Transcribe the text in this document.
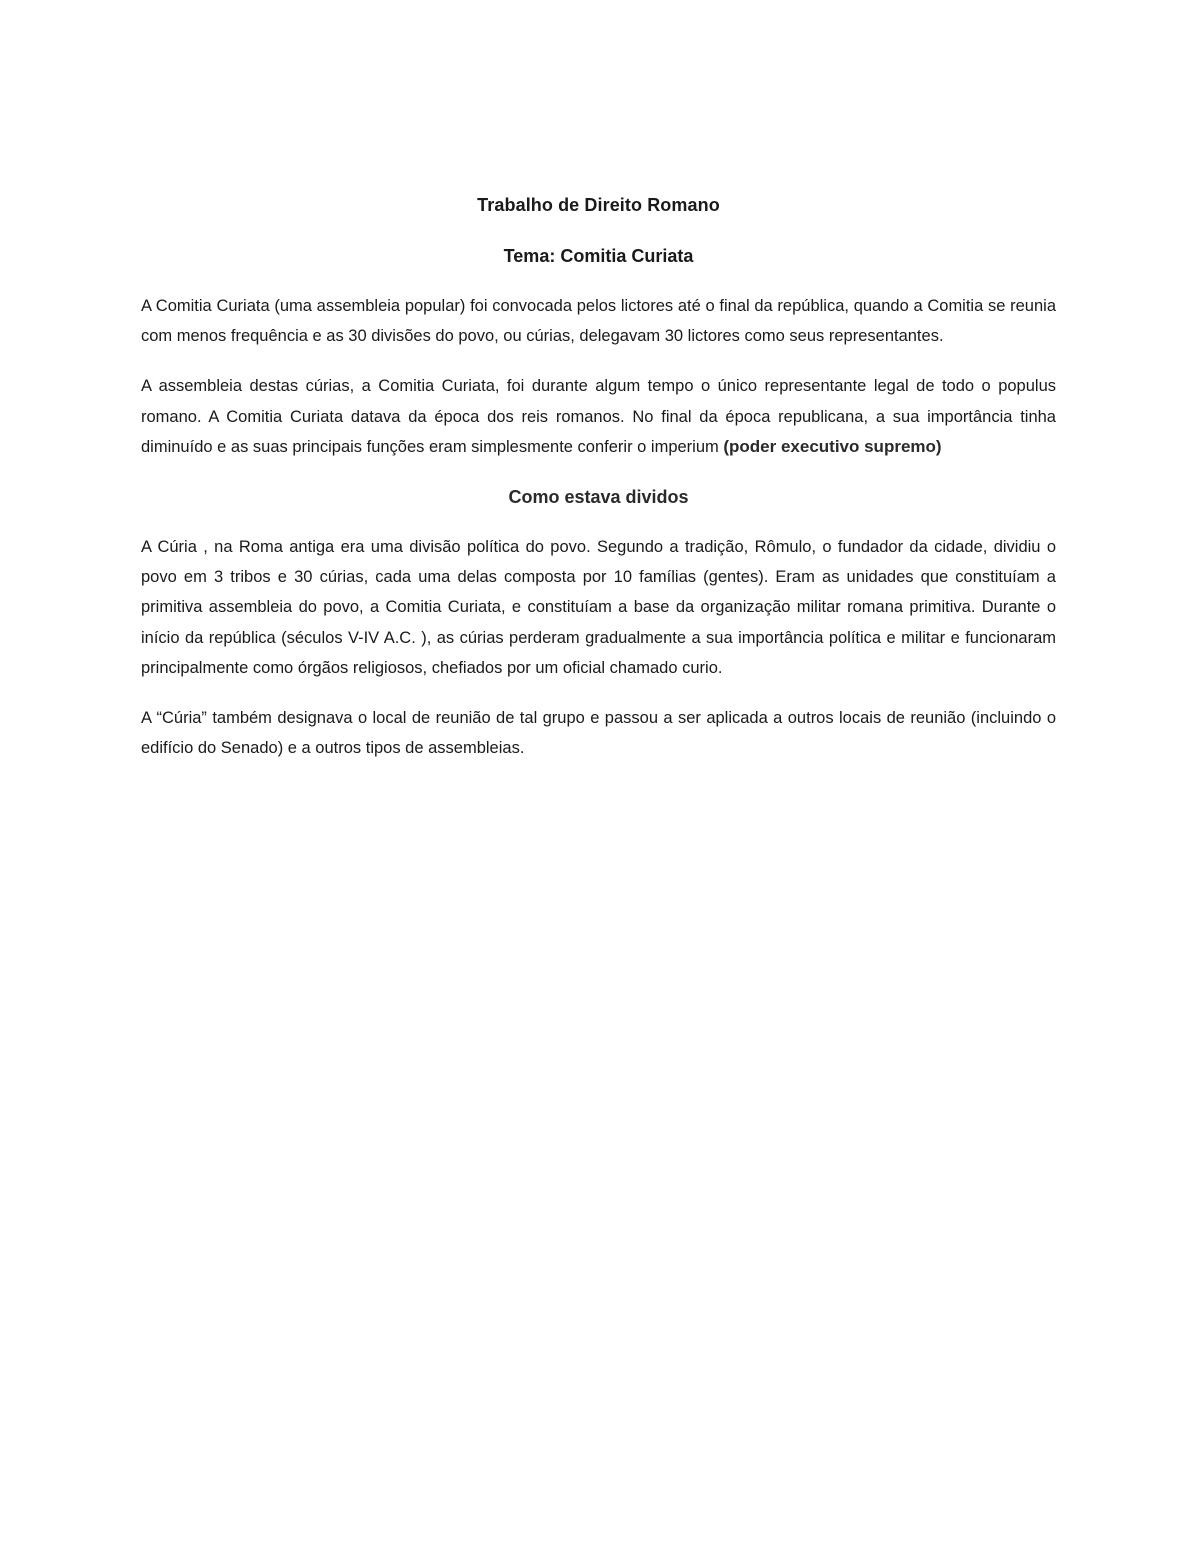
Trabalho de Direito Romano
Tema: Comitia Curiata

A Comitia Curiata (uma assembleia popular) foi convocada pelos lictores até o final da república, quando a Comitia se reunia com menos frequência e as 30 divisões do povo, ou cúrias, delegavam 30 lictores como seus representantes.

A assembleia destas cúrias, a Comitia Curiata, foi durante algum tempo o único representante legal de todo o populus romano. A Comitia Curiata datava da época dos reis romanos. No final da época republicana, a sua importância tinha diminuído e as suas principais funções eram simplesmente conferir o imperium (poder executivo supremo)

Como estava dividos

A Cúria , na Roma antiga era uma divisão política do povo. Segundo a tradição, Rômulo, o fundador da cidade, dividiu o povo em 3 tribos e 30 cúrias, cada uma delas composta por 10 famílias (gentes). Eram as unidades que constituíam a primitiva assembleia do povo, a Comitia Curiata, e constituíam a base da organização militar romana primitiva. Durante o início da república (séculos V-IV A.C. ), as cúrias perderam gradualmente a sua importância política e militar e funcionaram principalmente como órgãos religiosos, chefiados por um oficial chamado curio.

A “Cúria” também designava o local de reunião de tal grupo e passou a ser aplicada a outros locais de reunião (incluindo o edifício do Senado) e a outros tipos de assembleias.
